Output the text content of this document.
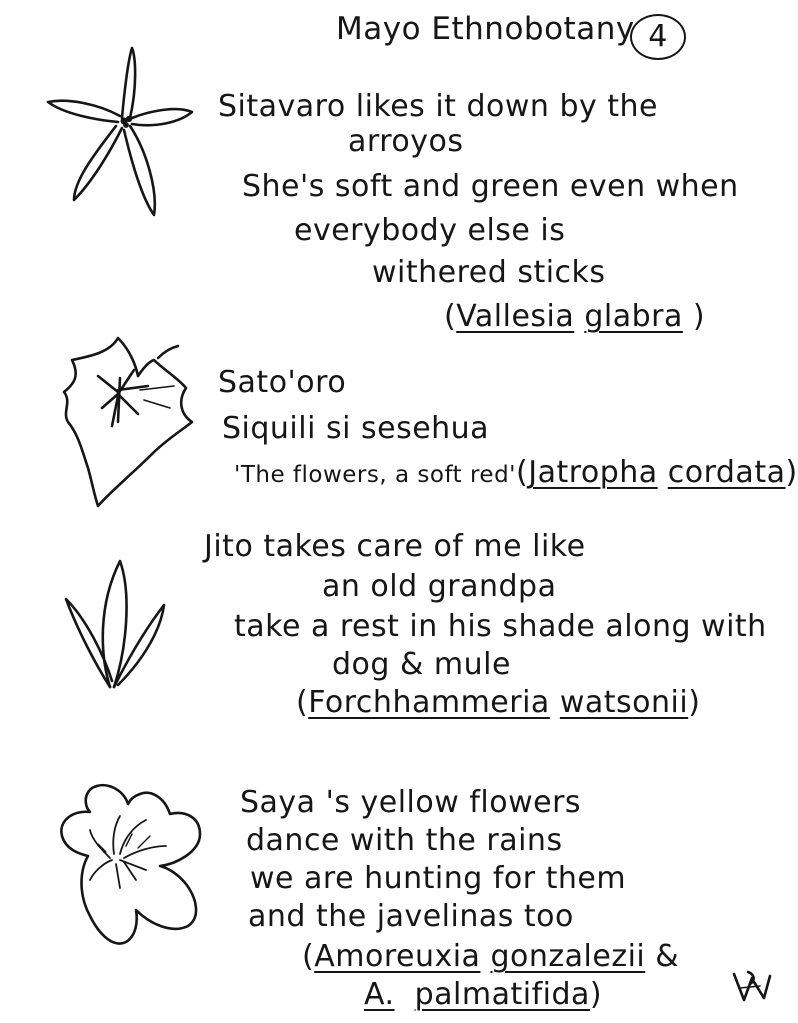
Mayo Ethnobotany 4
Sitavaro likes it down by the
arroyos
She's soft and green even when
everybody else is
withered sticks
(Vallesia glabra )
Sato'oro
Siquili si sesehua
'The flowers, a soft red'(Jatropha cordata)
Jito takes care of me like
an old grandpa
take a rest in his shade along with
dog & mule
(Forchhammeria watsonii)
Saya 's yellow flowers
dance with the rains
we are hunting for them
and the javelinas too
(Amoreuxia gonzalezii &
A. palmatifida)
